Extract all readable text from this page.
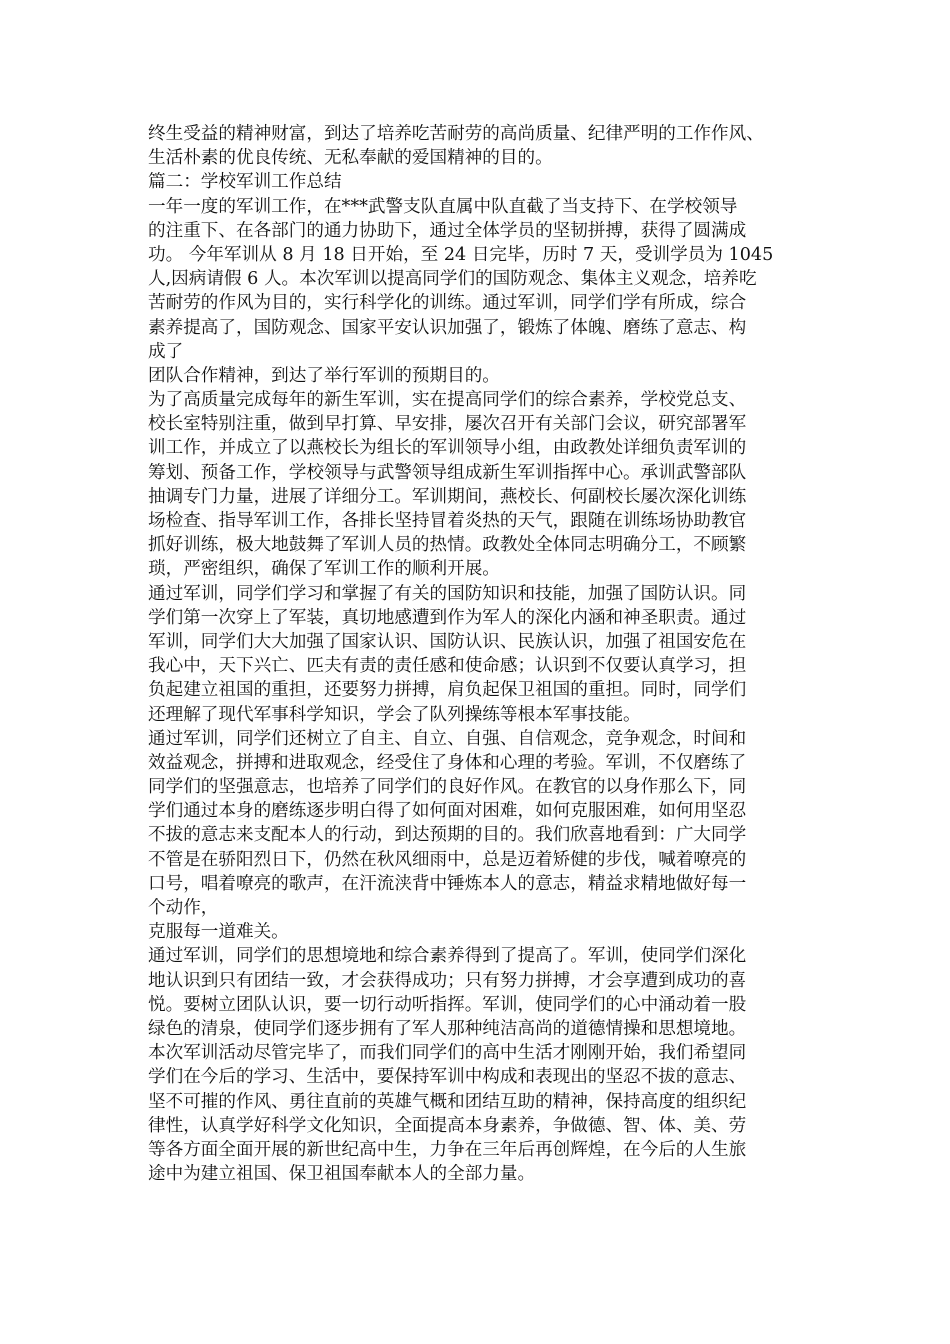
终生受益的精神财富，到达了培养吃苦耐劳的高尚质量、纪律严明的工作作风、
生活朴素的优良传统、无私奉献的爱国精神的目的。
篇二：学校军训工作总结
一年一度的军训工作，在***武警支队直属中队直截了当支持下、在学校领导
的注重下、在各部门的通力协助下，通过全体学员的坚韧拼搏，获得了圆满成
功。 今年军训从 8 月 18 日开始，至 24 日完毕，历时 7 天，受训学员为 1045
人,因病请假 6 人。本次军训以提高同学们的国防观念、集体主义观念，培养吃
苦耐劳的作风为目的，实行科学化的训练。通过军训，同学们学有所成，综合
素养提高了，国防观念、国家平安认识加强了，锻炼了体魄、磨练了意志、构
成了
团队合作精神，到达了举行军训的预期目的。
为了高质量完成每年的新生军训，实在提高同学们的综合素养，学校党总支、
校长室特别注重，做到早打算、早安排，屡次召开有关部门会议，研究部署军
训工作，并成立了以燕校长为组长的军训领导小组，由政教处详细负责军训的
筹划、预备工作，学校领导与武警领导组成新生军训指挥中心。承训武警部队
抽调专门力量，进展了详细分工。军训期间，燕校长、何副校长屡次深化训练
场检查、指导军训工作，各排长坚持冒着炎热的天气，跟随在训练场协助教官
抓好训练，极大地鼓舞了军训人员的热情。政教处全体同志明确分工，不顾繁
琐，严密组织，确保了军训工作的顺利开展。
通过军训，同学们学习和掌握了有关的国防知识和技能，加强了国防认识。同
学们第一次穿上了军装，真切地感遭到作为军人的深化内涵和神圣职责。通过
军训，同学们大大加强了国家认识、国防认识、民族认识，加强了祖国安危在
我心中，天下兴亡、匹夫有责的责任感和使命感；认识到不仅要认真学习，担
负起建立祖国的重担，还要努力拼搏，肩负起保卫祖国的重担。同时，同学们
还理解了现代军事科学知识，学会了队列操练等根本军事技能。
通过军训，同学们还树立了自主、自立、自强、自信观念，竞争观念，时间和
效益观念，拼搏和进取观念，经受住了身体和心理的考验。军训，不仅磨练了
同学们的坚强意志，也培养了同学们的良好作风。在教官的以身作那么下，同
学们通过本身的磨练逐步明白得了如何面对困难，如何克服困难，如何用坚忍
不拔的意志来支配本人的行动，到达预期的目的。我们欣喜地看到：广大同学
不管是在骄阳烈日下，仍然在秋风细雨中，总是迈着矫健的步伐，喊着嘹亮的
口号，唱着嘹亮的歌声，在汗流浃背中锤炼本人的意志，精益求精地做好每一
个动作，
克服每一道难关。
通过军训，同学们的思想境地和综合素养得到了提高了。军训，使同学们深化
地认识到只有团结一致，才会获得成功；只有努力拼搏，才会享遭到成功的喜
悦。要树立团队认识，要一切行动听指挥。军训，使同学们的心中涌动着一股
绿色的清泉，使同学们逐步拥有了军人那种纯洁高尚的道德情操和思想境地。
本次军训活动尽管完毕了，而我们同学们的高中生活才刚刚开始，我们希望同
学们在今后的学习、生活中，要保持军训中构成和表现出的坚忍不拔的意志、
坚不可摧的作风、勇往直前的英雄气概和团结互助的精神，保持高度的组织纪
律性，认真学好科学文化知识，全面提高本身素养，争做德、智、体、美、劳
等各方面全面开展的新世纪高中生，力争在三年后再创辉煌，在今后的人生旅
途中为建立祖国、保卫祖国奉献本人的全部力量。
